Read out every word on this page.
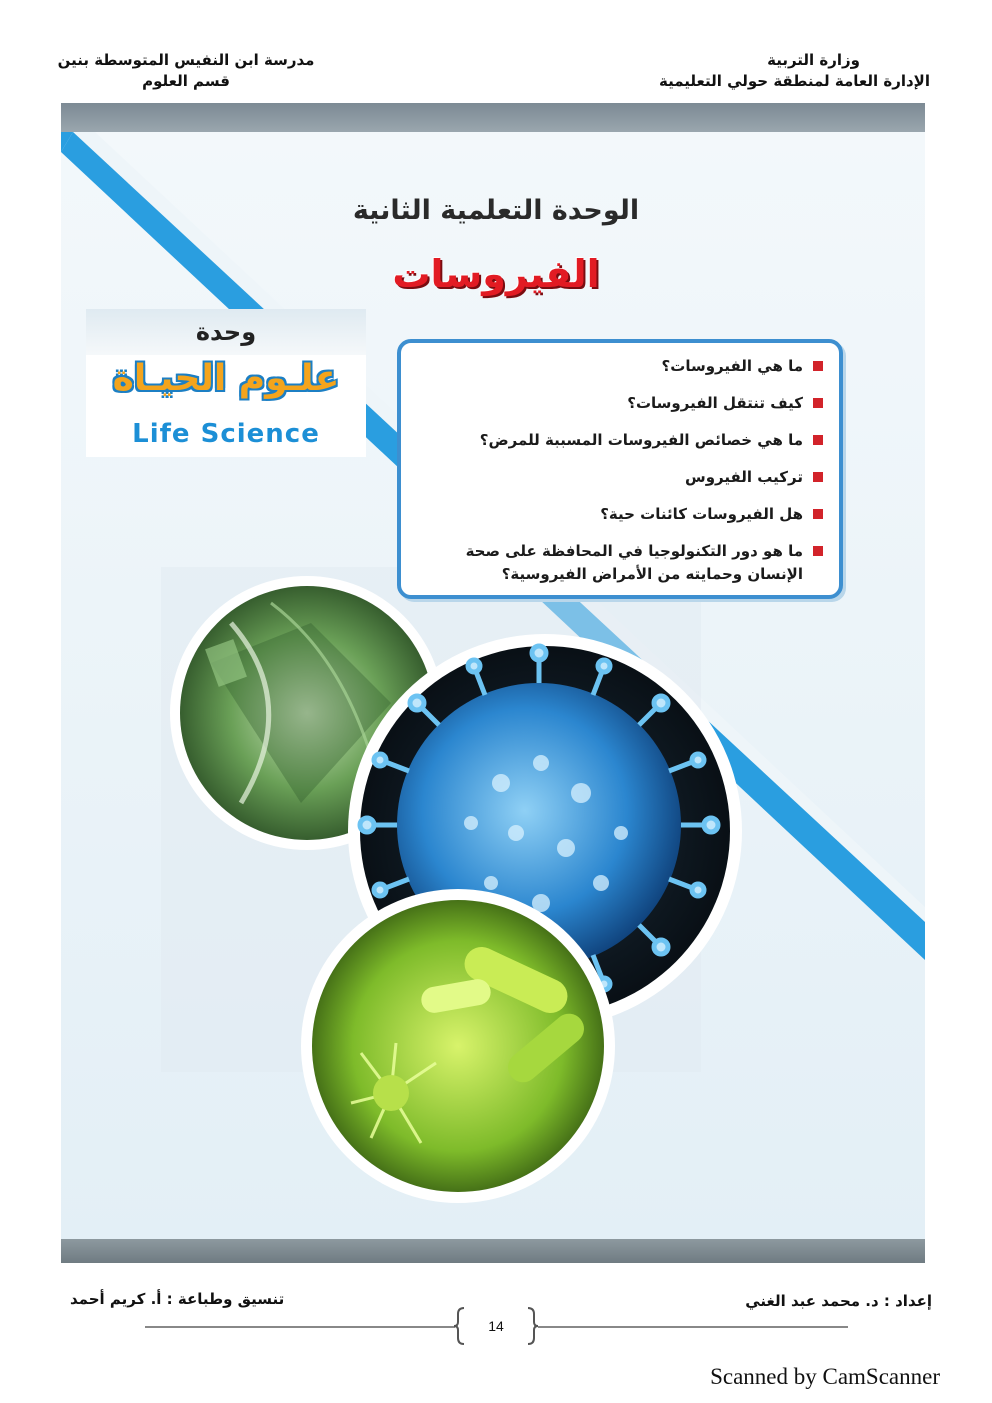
وزارة التربية
الإدارة العامة لمنطقة حولي التعليمية
مدرسة ابن النفيس المتوسطة بنين
قسم العلوم
الوحدة التعلمية الثانية
الفيروسات
وحدة
علـوم الحيـاة
Life Science
ما هي الفيروسات؟
كيف تنتقل الفيروسات؟
ما هي خصائص الفيروسات المسببة للمرض؟
تركيب الفيروس
هل الفيروسات كائنات حية؟
ما هو دور التكنولوجيا في المحافظة على صحة الإنسان وحمايته من الأمراض الفيروسية؟
إعداد : د. محمد عبد الغني
تنسيق وطباعة : أ. كريم أحمد
14
Scanned by CamScanner
